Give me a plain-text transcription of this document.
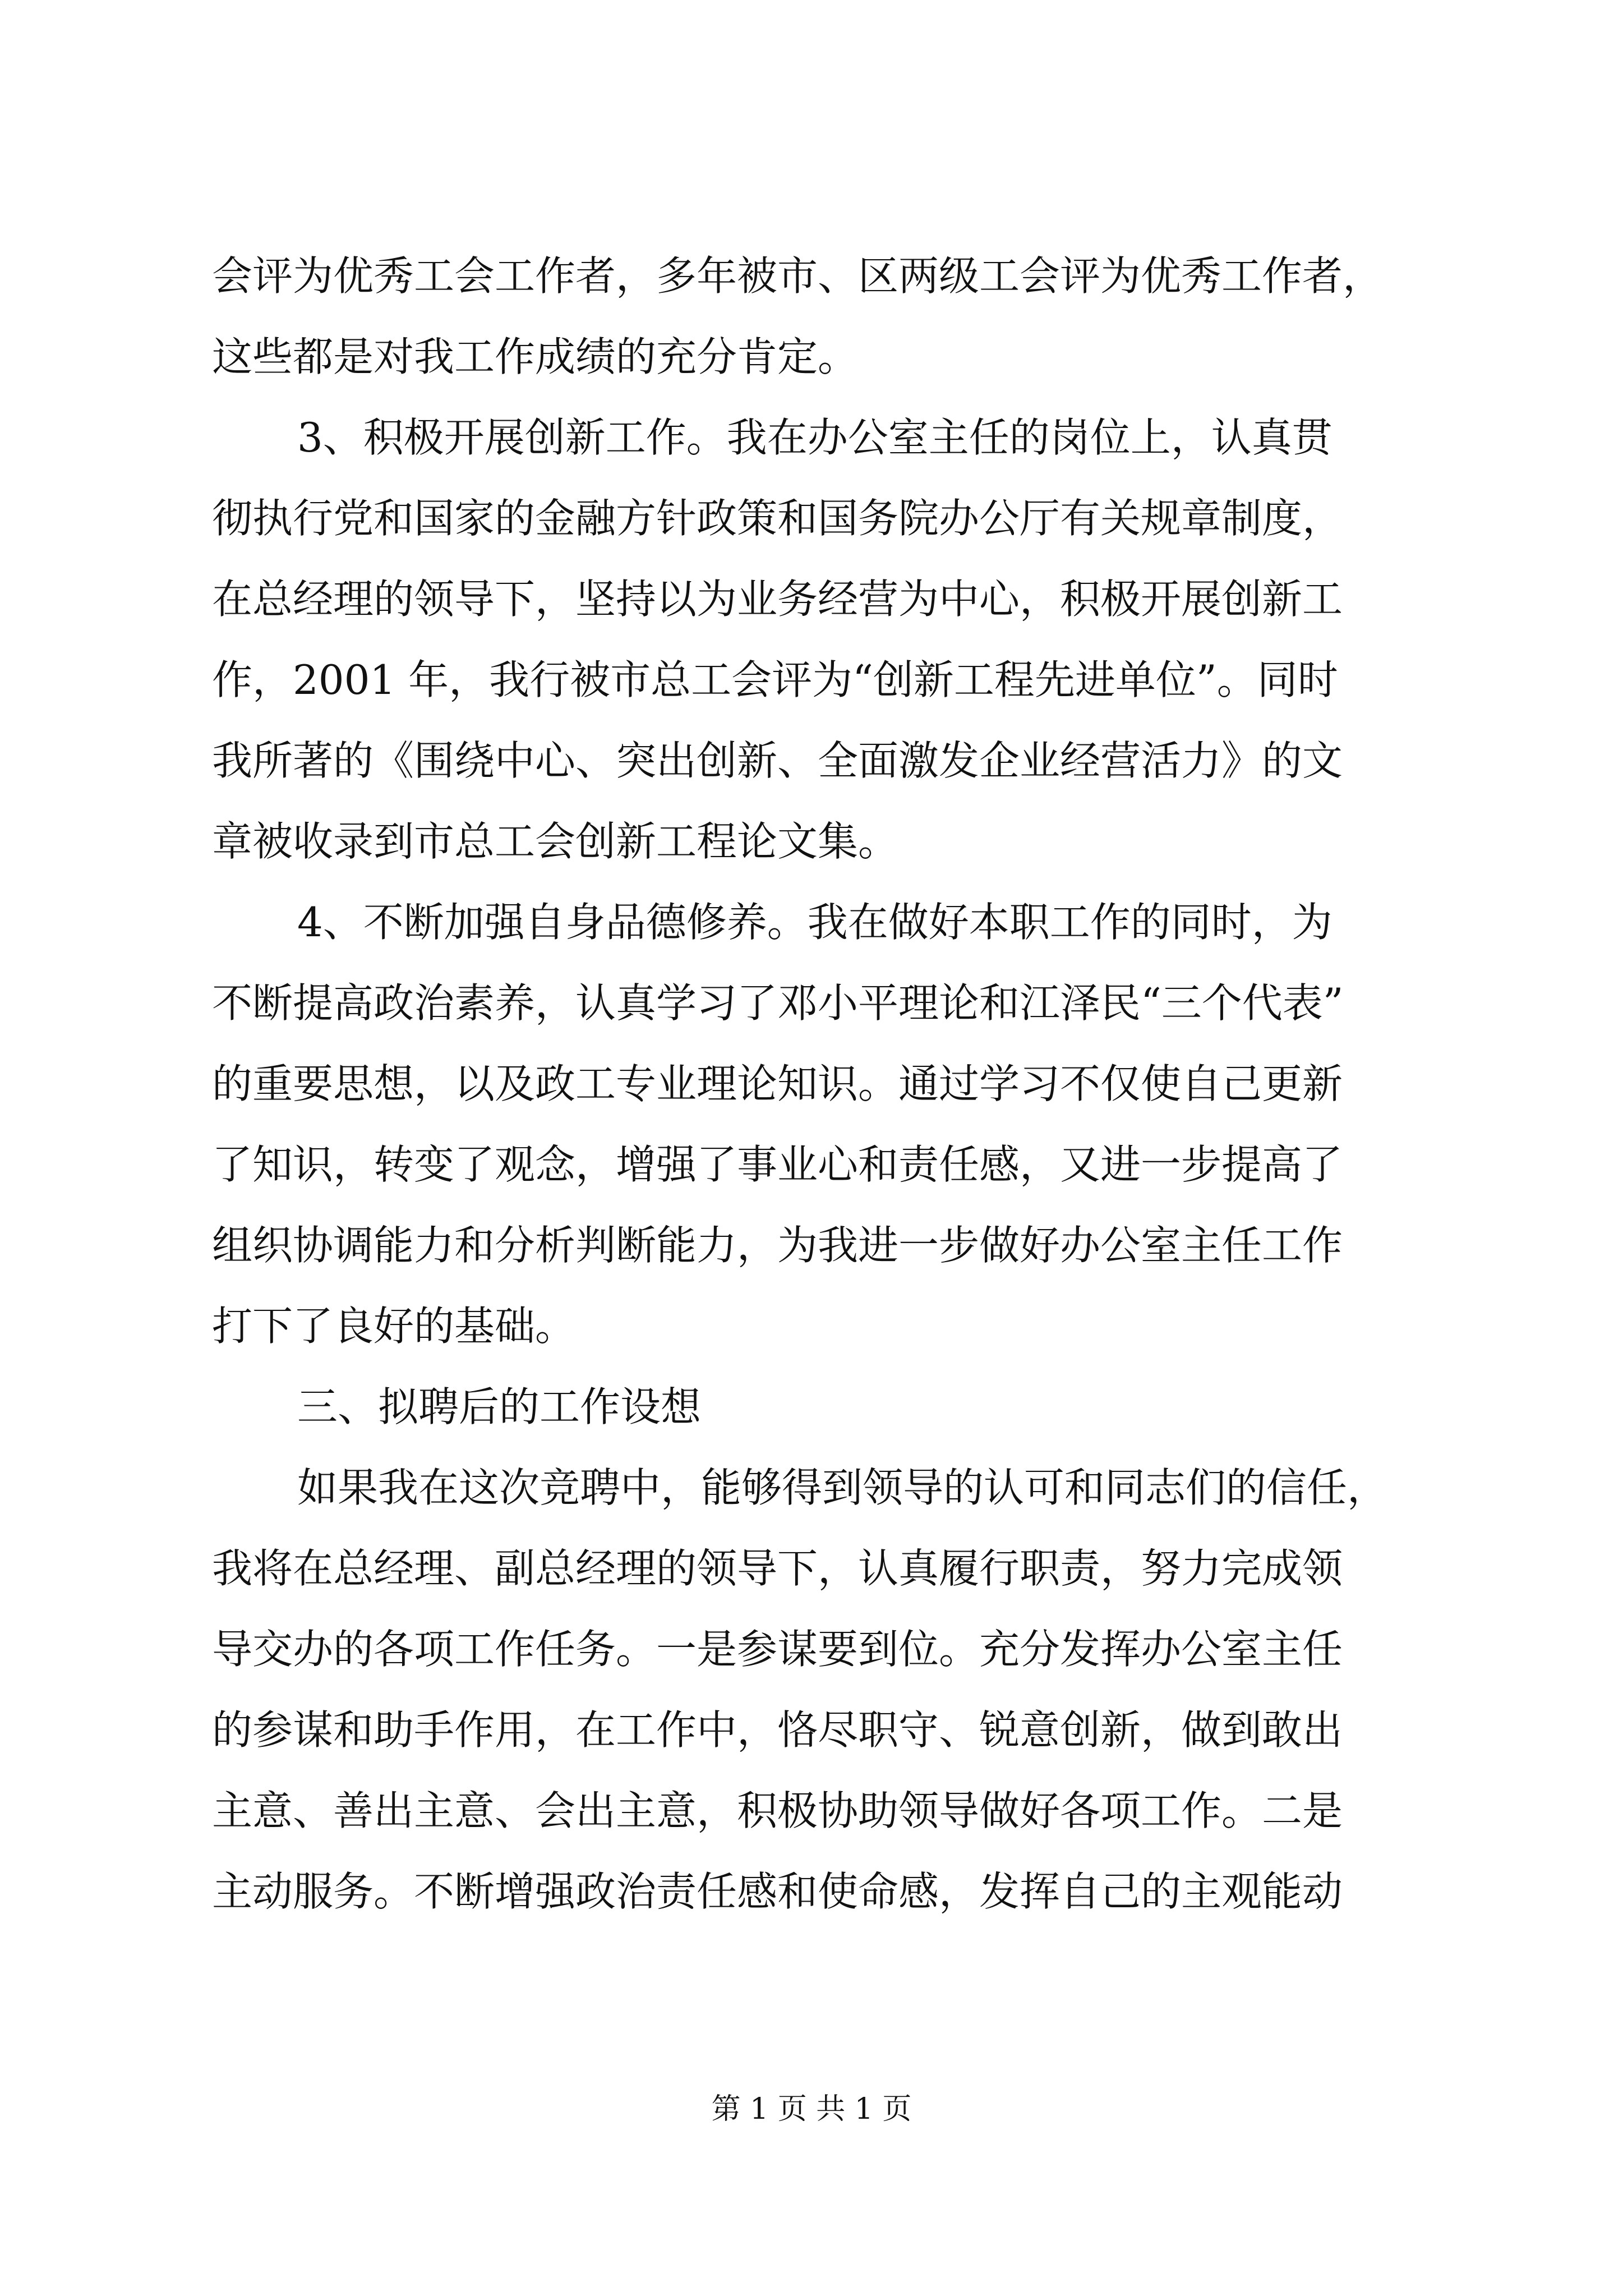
会评为优秀工会工作者，多年被市、区两级工会评为优秀工作者，
这些都是对我工作成绩的充分肯定。
3、积极开展创新工作。我在办公室主任的岗位上，认真贯
彻执行党和国家的金融方针政策和国务院办公厅有关规章制度，
在总经理的领导下，坚持以为业务经营为中心，积极开展创新工
作，2001 年，我行被市总工会评为“创新工程先进单位”。同时
我所著的《围绕中心、突出创新、全面激发企业经营活力》的文
章被收录到市总工会创新工程论文集。
4、不断加强自身品德修养。我在做好本职工作的同时，为
不断提高政治素养，认真学习了邓小平理论和江泽民“三个代表”
的重要思想，以及政工专业理论知识。通过学习不仅使自己更新
了知识，转变了观念，增强了事业心和责任感，又进一步提高了
组织协调能力和分析判断能力，为我进一步做好办公室主任工作
打下了良好的基础。
三、拟聘后的工作设想
如果我在这次竞聘中，能够得到领导的认可和同志们的信任，
我将在总经理、副总经理的领导下，认真履行职责，努力完成领
导交办的各项工作任务。一是参谋要到位。充分发挥办公室主任
的参谋和助手作用，在工作中，恪尽职守、锐意创新，做到敢出
主意、善出主意、会出主意，积极协助领导做好各项工作。二是
主动服务。不断增强政治责任感和使命感，发挥自己的主观能动
第 1 页 共 1 页
